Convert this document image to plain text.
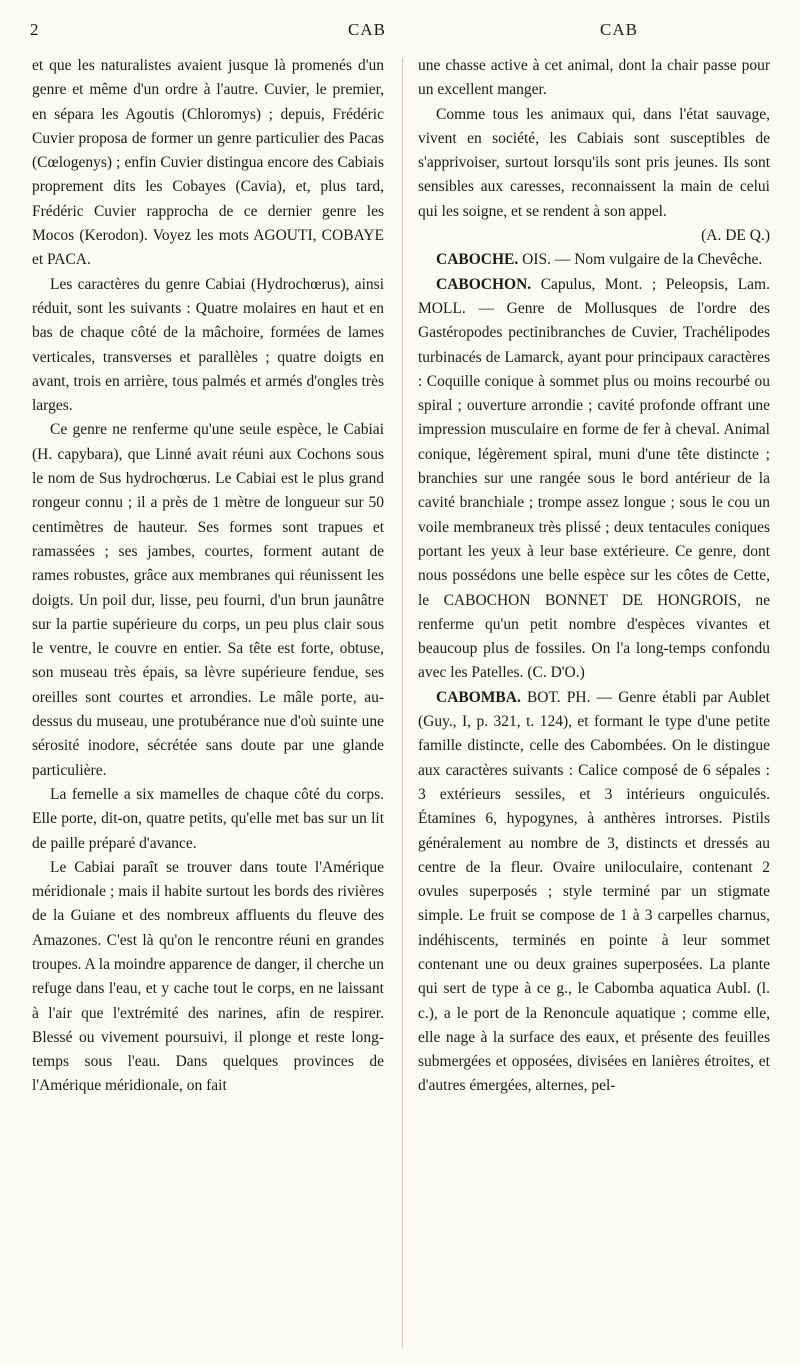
2	CAB	CAB

et que les naturalistes avaient jusque là promenés d'un genre et même d'un ordre à l'autre. Cuvier, le premier, en sépara les Agoutis (Chloromys) ; depuis, Frédéric Cuvier proposa de former un genre particulier des Pacas (Cœlogenys) ; enfin Cuvier distingua encore des Cabiais proprement dits les Cobayes (Cavia), et, plus tard, Frédéric Cuvier rapprocha de ce dernier genre les Mocos (Kerodon). Voyez les mots AGOUTI, COBAYE et PACA.

Les caractères du genre Cabiai (Hydrochœrus), ainsi réduit, sont les suivants : Quatre molaires en haut et en bas de chaque côté de la mâchoire, formées de lames verticales, transverses et parallèles ; quatre doigts en avant, trois en arrière, tous palmés et armés d'ongles très larges.

Ce genre ne renferme qu'une seule espèce, le Cabiai (H. capybara), que Linné avait réuni aux Cochons sous le nom de Sus hydrochœrus. Le Cabiai est le plus grand rongeur connu ; il a près de 1 mètre de longueur sur 50 centimètres de hauteur. Ses formes sont trapues et ramassées ; ses jambes, courtes, forment autant de rames robustes, grâce aux membranes qui réunissent les doigts. Un poil dur, lisse, peu fourni, d'un brun jaunâtre sur la partie supérieure du corps, un peu plus clair sous le ventre, le couvre en entier. Sa tête est forte, obtuse, son museau très épais, sa lèvre supérieure fendue, ses oreilles sont courtes et arrondies. Le mâle porte, au-dessus du museau, une protubérance nue d'où suinte une sérosité inodore, sécrétée sans doute par une glande particulière.

La femelle a six mamelles de chaque côté du corps. Elle porte, dit-on, quatre petits, qu'elle met bas sur un lit de paille préparé d'avance.

Le Cabiai paraît se trouver dans toute l'Amérique méridionale ; mais il habite surtout les bords des rivières de la Guiane et des nombreux affluents du fleuve des Amazones. C'est là qu'on le rencontre réuni en grandes troupes. A la moindre apparence de danger, il cherche un refuge dans l'eau, et y cache tout le corps, en ne laissant à l'air que l'extrémité des narines, afin de respirer. Blessé ou vivement poursuivi, il plonge et reste long-temps sous l'eau. Dans quelques provinces de l'Amérique méridionale, on fait

une chasse active à cet animal, dont la chair passe pour un excellent manger.

Comme tous les animaux qui, dans l'état sauvage, vivent en société, les Cabiais sont susceptibles de s'apprivoiser, surtout lorsqu'ils sont pris jeunes. Ils sont sensibles aux caresses, reconnaissent la main de celui qui les soigne, et se rendent à son appel.

(A. DE Q.)

CABOCHE. OIS. — Nom vulgaire de la Chevêche.

CABOCHON. Capulus, Mont. ; Peleopsis, Lam. MOLL. — Genre de Mollusques de l'ordre des Gastéropodes pectinibranches de Cuvier, Trachélipodes turbinacés de Lamarck, ayant pour principaux caractères : Coquille conique à sommet plus ou moins recourbé ou spiral ; ouverture arrondie ; cavité profonde offrant une impression musculaire en forme de fer à cheval. Animal conique, légèrement spiral, muni d'une tête distincte ; branchies sur une rangée sous le bord antérieur de la cavité branchiale ; trompe assez longue ; sous le cou un voile membraneux très plissé ; deux tentacules coniques portant les yeux à leur base extérieure. Ce genre, dont nous possédons une belle espèce sur les côtes de Cette, le CABOCHON BONNET DE HONGROIS, ne renferme qu'un petit nombre d'espèces vivantes et beaucoup plus de fossiles. On l'a long-temps confondu avec les Patelles. (C. D'O.)

CABOMBA. BOT. PH. — Genre établi par Aublet (Guy., I, p. 321, t. 124), et formant le type d'une petite famille distincte, celle des Cabombées. On le distingue aux caractères suivants : Calice composé de 6 sépales : 3 extérieurs sessiles, et 3 intérieurs onguiculés. Étamines 6, hypogynes, à anthères introrses. Pistils généralement au nombre de 3, distincts et dressés au centre de la fleur. Ovaire uniloculaire, contenant 2 ovules superposés ; style terminé par un stigmate simple. Le fruit se compose de 1 à 3 carpelles charnus, indéhiscents, terminés en pointe à leur sommet contenant une ou deux graines superposées. La plante qui sert de type à ce g., le Cabomba aquatica Aubl. (l. c.), a le port de la Renoncule aquatique ; comme elle, elle nage à la surface des eaux, et présente des feuilles submergées et opposées, divisées en lanières étroites, et d'autres émergées, alternes, pel-
